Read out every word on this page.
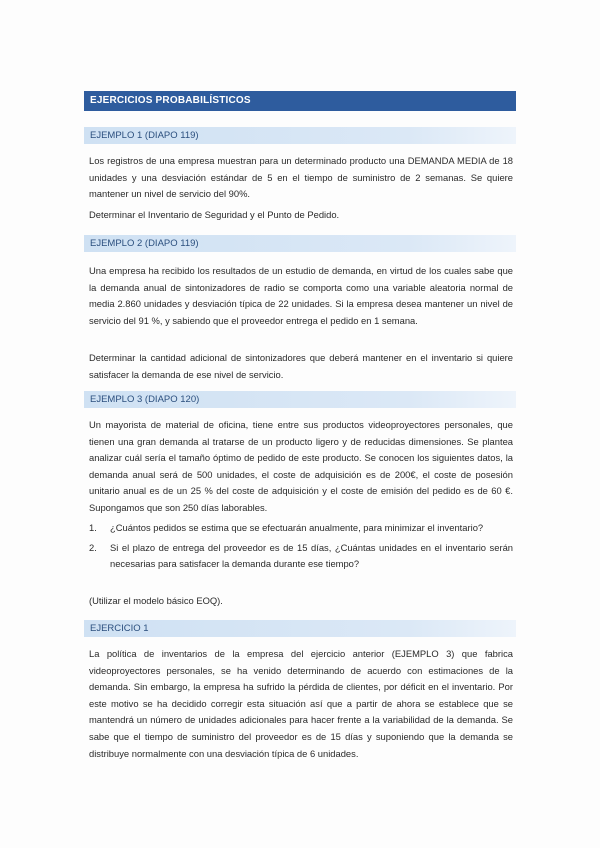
EJERCICIOS PROBABILÍSTICOS
EJEMPLO 1 (DIAPO 119)
Los registros de una empresa muestran para un determinado producto una DEMANDA MEDIA de 18 unidades y una desviación estándar de 5 en el tiempo de suministro de 2 semanas. Se quiere mantener un nivel de servicio del 90%.
Determinar el Inventario de Seguridad y el Punto de Pedido.
EJEMPLO 2 (DIAPO 119)
Una empresa ha recibido los resultados de un estudio de demanda, en virtud de los cuales sabe que la demanda anual de sintonizadores de radio se comporta como una variable aleatoria normal de media 2.860 unidades y desviación típica de 22 unidades. Si la empresa desea mantener un nivel de servicio del 91 %, y sabiendo que el proveedor entrega el pedido en 1 semana.
Determinar la cantidad adicional de sintonizadores que deberá mantener en el inventario si quiere satisfacer la demanda de ese nivel de servicio.
EJEMPLO 3 (DIAPO 120)
Un mayorista de material de oficina, tiene entre sus productos videoproyectores personales, que tienen una gran demanda al tratarse de un producto ligero y de reducidas dimensiones. Se plantea analizar cuál sería el tamaño óptimo de pedido de este producto. Se conocen los siguientes datos, la demanda anual será de 500 unidades, el coste de adquisición es de 200€, el coste de posesión unitario anual es de un 25 % del coste de adquisición y el coste de emisión del pedido es de 60 €. Supongamos que son 250 días laborables.
1.	¿Cuántos pedidos se estima que se efectuarán anualmente, para minimizar el inventario?
2.	Si el plazo de entrega del proveedor es de 15 días, ¿Cuántas unidades en el inventario serán necesarias para satisfacer la demanda durante ese tiempo?
(Utilizar el modelo básico EOQ).
EJERCICIO 1
La política de inventarios de la empresa del ejercicio anterior (EJEMPLO 3) que fabrica videoproyectores personales, se ha venido determinando de acuerdo con estimaciones de la demanda. Sin embargo, la empresa ha sufrido la pérdida de clientes, por déficit en el inventario. Por este motivo se ha decidido corregir esta situación así que a partir de ahora se establece que se mantendrá un número de unidades adicionales para hacer frente a la variabilidad de la demanda. Se sabe que el tiempo de suministro del proveedor es de 15 días y suponiendo que la demanda se distribuye normalmente con una desviación típica de 6 unidades.
